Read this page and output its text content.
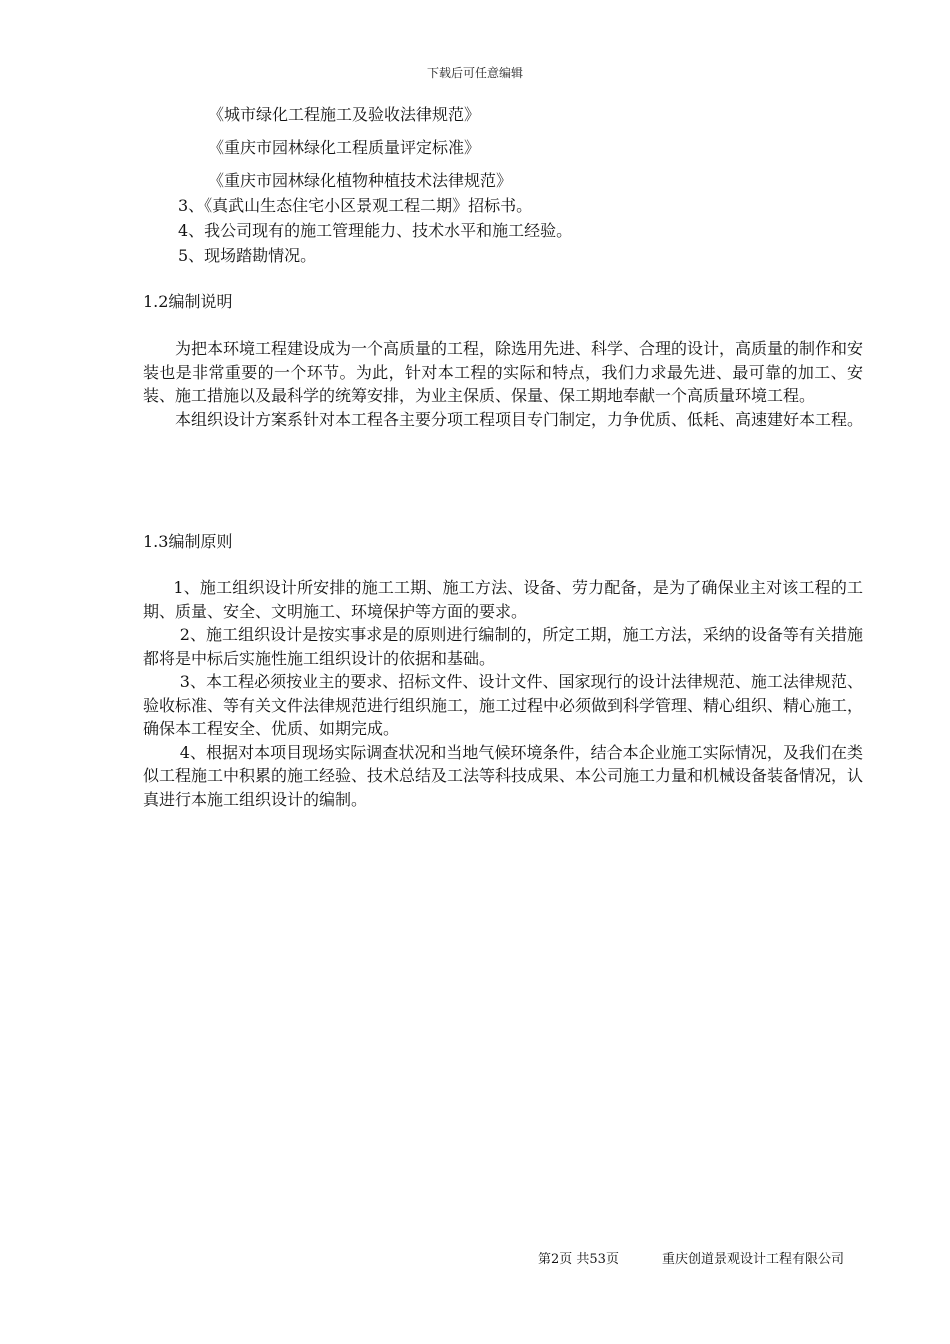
下载后可任意编辑
《城市绿化工程施工及验收法律规范》
《重庆市园林绿化工程质量评定标准》
《重庆市园林绿化植物种植技术法律规范》
3、《真武山生态住宅小区景观工程二期》招标书。
4、我公司现有的施工管理能力、技术水平和施工经验。
5、现场踏勘情况。
1.2编制说明

为把本环境工程建设成为一个高质量的工程，除选用先进、科学、合理的设计，高质量的制作和安装也是非常重要的一个环节。为此，针对本工程的实际和特点，我们力求最先进、最可靠的加工、安装、施工措施以及最科学的统筹安排，为业主保质、保量、保工期地奉献一个高质量环境工程。

本组织设计方案系针对本工程各主要分项工程项目专门制定，力争优质、低耗、高速建好本工程。

1.3编制原则

1、施工组织设计所安排的施工工期、施工方法、设备、劳力配备，是为了确保业主对该工程的工期、质量、安全、文明施工、环境保护等方面的要求。

2、施工组织设计是按实事求是的原则进行编制的，所定工期，施工方法，采纳的设备等有关措施都将是中标后实施性施工组织设计的依据和基础。

3、本工程必须按业主的要求、招标文件、设计文件、国家现行的设计法律规范、施工法律规范、验收标准、等有关文件法律规范进行组织施工，施工过程中必须做到科学管理、精心组织、精心施工，确保本工程安全、优质、如期完成。

4、根据对本项目现场实际调查状况和当地气候环境条件，结合本企业施工实际情况，及我们在类似工程施工中积累的施工经验、技术总结及工法等科技成果、本公司施工力量和机械设备装备情况，认真进行本施工组织设计的编制。

第2页 共53页	重庆创道景观设计工程有限公司
